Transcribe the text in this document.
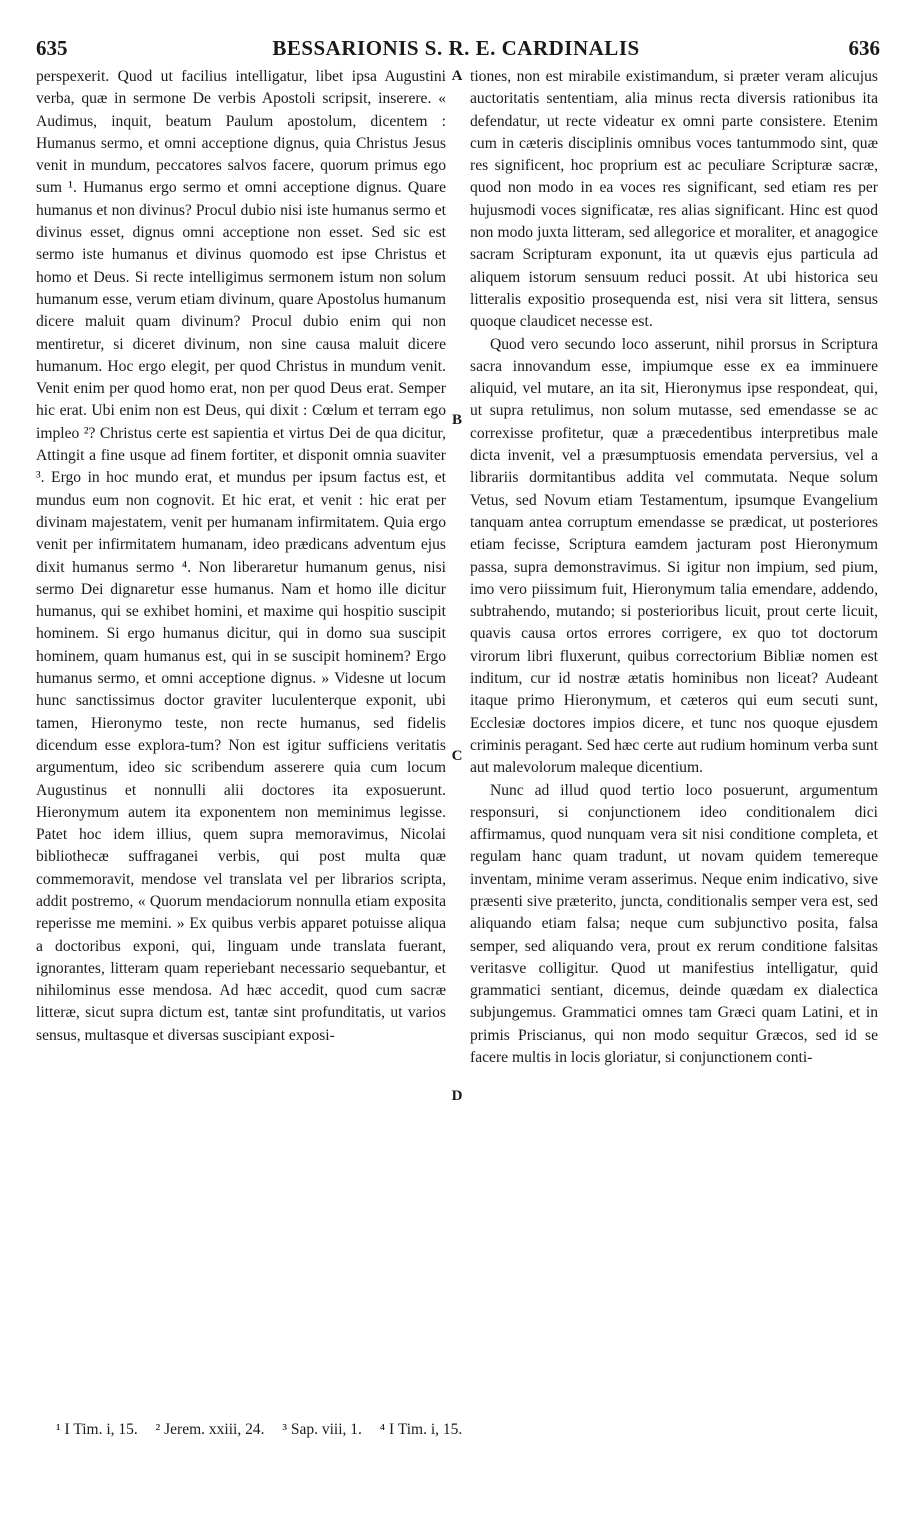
635	BESSARIONIS S. R. E. CARDINALIS	636

perspexerit. Quod ut facilius intelligatur, libet ipsa Augustini verba, quæ in sermone De verbis Apostoli scripsit, inserere. « Audimus, inquit, beatum Paulum apostolum, dicentem : Humanus sermo, et omni acceptione dignus, quia Christus Jesus venit in mundum, peccatores salvos facere, quorum primus ego sum ¹. Humanus ergo sermo et omni acceptione dignus. Quare humanus et non divinus? Procul dubio nisi iste humanus sermo et divinus esset, dignus omni acceptione non esset. Sed sic est sermo iste humanus et divinus quomodo est ipse Christus et homo et Deus. Si recte intelligimus sermonem istum non solum humanum esse, verum etiam divinum, quare Apostolus humanum dicere maluit quam divinum? Procul dubio enim qui non mentiretur, si diceret divinum, non sine causa maluit dicere humanum. Hoc ergo elegit, per quod Christus in mundum venit. Venit enim per quod homo erat, non per quod Deus erat. Semper hic erat. Ubi enim non est Deus, qui dixit : Cœlum et terram ego impleo ²? Christus certe est sapientia et virtus Dei de qua dicitur, Attingit a fine usque ad finem fortiter, et disponit omnia suaviter ³. Ergo in hoc mundo erat, et mundus per ipsum factus est, et mundus eum non cognovit. Et hic erat, et venit : hic erat per divinam majestatem, venit per humanam infirmitatem. Quia ergo venit per infirmitatem humanam, ideo prædicans adventum ejus dixit humanus sermo ⁴. Non liberaretur humanum genus, nisi sermo Dei dignaretur esse humanus. Nam et homo ille dicitur humanus, qui se exhibet homini, et maxime qui hospitio suscipit hominem. Si ergo humanus dicitur, qui in domo sua suscipit hominem, quam humanus est, qui in se suscipit hominem? Ergo humanus sermo, et omni acceptione dignus. » Videsne ut locum hunc sanctissimus doctor graviter luculenterque exponit, ubi tamen, Hieronymo teste, non recte humanus, sed fidelis dicendum esse explora-tum? Non est igitur sufficiens veritatis argumentum, ideo sic scribendum asserere quia cum locum Augustinus et nonnulli alii doctores ita exposuerunt. Hieronymum autem ita exponentem non meminimus legisse. Patet hoc idem illius, quem supra memoravimus, Nicolai bibliothecæ suffraganei verbis, qui post multa quæ commemoravit, mendose vel translata vel per librarios scripta, addit postremo, « Quorum mendaciorum nonnulla etiam exposita reperisse me memini. » Ex quibus verbis apparet potuisse aliqua a doctoribus exponi, qui, linguam unde translata fuerant, ignorantes, litteram quam reperiebant necessario sequebantur, et nihilominus esse mendosa. Ad hæc accedit, quod cum sacræ litteræ, sicut supra dictum est, tantæ sint profunditatis, ut varios sensus, multasque et diversas suscipiant exposi-

tiones, non est mirabile existimandum, si præter veram alicujus auctoritatis sententiam, alia minus recta diversis rationibus ita defendatur, ut recte videatur ex omni parte consistere. Etenim cum in cæteris disciplinis omnibus voces tantummodo sint, quæ res significent, hoc proprium est ac peculiare Scripturæ sacræ, quod non modo in ea voces res significant, sed etiam res per hujusmodi voces significatæ, res alias significant. Hinc est quod non modo juxta litteram, sed allegorice et moraliter, et anagogice sacram Scripturam exponunt, ita ut quævis ejus particula ad aliquem istorum sensuum reduci possit. At ubi historica seu litteralis expositio prosequenda est, nisi vera sit littera, sensus quoque claudicet necesse est.

Quod vero secundo loco asserunt, nihil prorsus in Scriptura sacra innovandum esse, impiumque esse ex ea imminuere aliquid, vel mutare, an ita sit, Hieronymus ipse respondeat, qui, ut supra retulimus, non solum mutasse, sed emendasse se ac correxisse profitetur, quæ a præcedentibus interpretibus male dicta invenit, vel a præsumptuosis emendata perversius, vel a librariis dormitantibus addita vel commutata. Neque solum Vetus, sed Novum etiam Testamentum, ipsumque Evangelium tanquam antea corruptum emendasse se prædicat, ut posteriores etiam fecisse, Scriptura eamdem jacturam post Hieronymum passa, supra demonstravimus. Si igitur non impium, sed pium, imo vero piissimum fuit, Hieronymum talia emendare, addendo, subtrahendo, mutando; si posterioribus licuit, prout certe licuit, quavis causa ortos errores corrigere, ex quo tot doctorum virorum libri fluxerunt, quibus correctorium Bibliæ nomen est inditum, cur id nostræ ætatis hominibus non liceat? Audeant itaque primo Hieronymum, et cæteros qui eum secuti sunt, Ecclesiæ doctores impios dicere, et tunc nos quoque ejusdem criminis peragant. Sed hæc certe aut rudium hominum verba sunt aut malevolorum maleque dicentium.

Nunc ad illud quod tertio loco posuerunt, argumentum responsuri, si conjunctionem ideo conditionalem dici affirmamus, quod nunquam vera sit nisi conditione completa, et regulam hanc quam tradunt, ut novam quidem temereque inventam, minime veram asserimus. Neque enim indicativo, sive præsenti sive præterito, juncta, conditionalis semper vera est, sed aliquando etiam falsa; neque cum subjunctivo posita, falsa semper, sed aliquando vera, prout ex rerum conditione falsitas veritasve colligitur. Quod ut manifestius intelligatur, quid grammatici sentiant, dicemus, deinde quædam ex dialectica subjungemus. Grammatici omnes tam Græci quam Latini, et in primis Priscianus, qui non modo sequitur Græcos, sed id se facere multis in locis gloriatur, si conjunctionem conti-

A
B
C
D
¹ I Tim. i, 15. ² Jerem. xxiii, 24. ³ Sap. viii, 1. ⁴ I Tim. i, 15.
